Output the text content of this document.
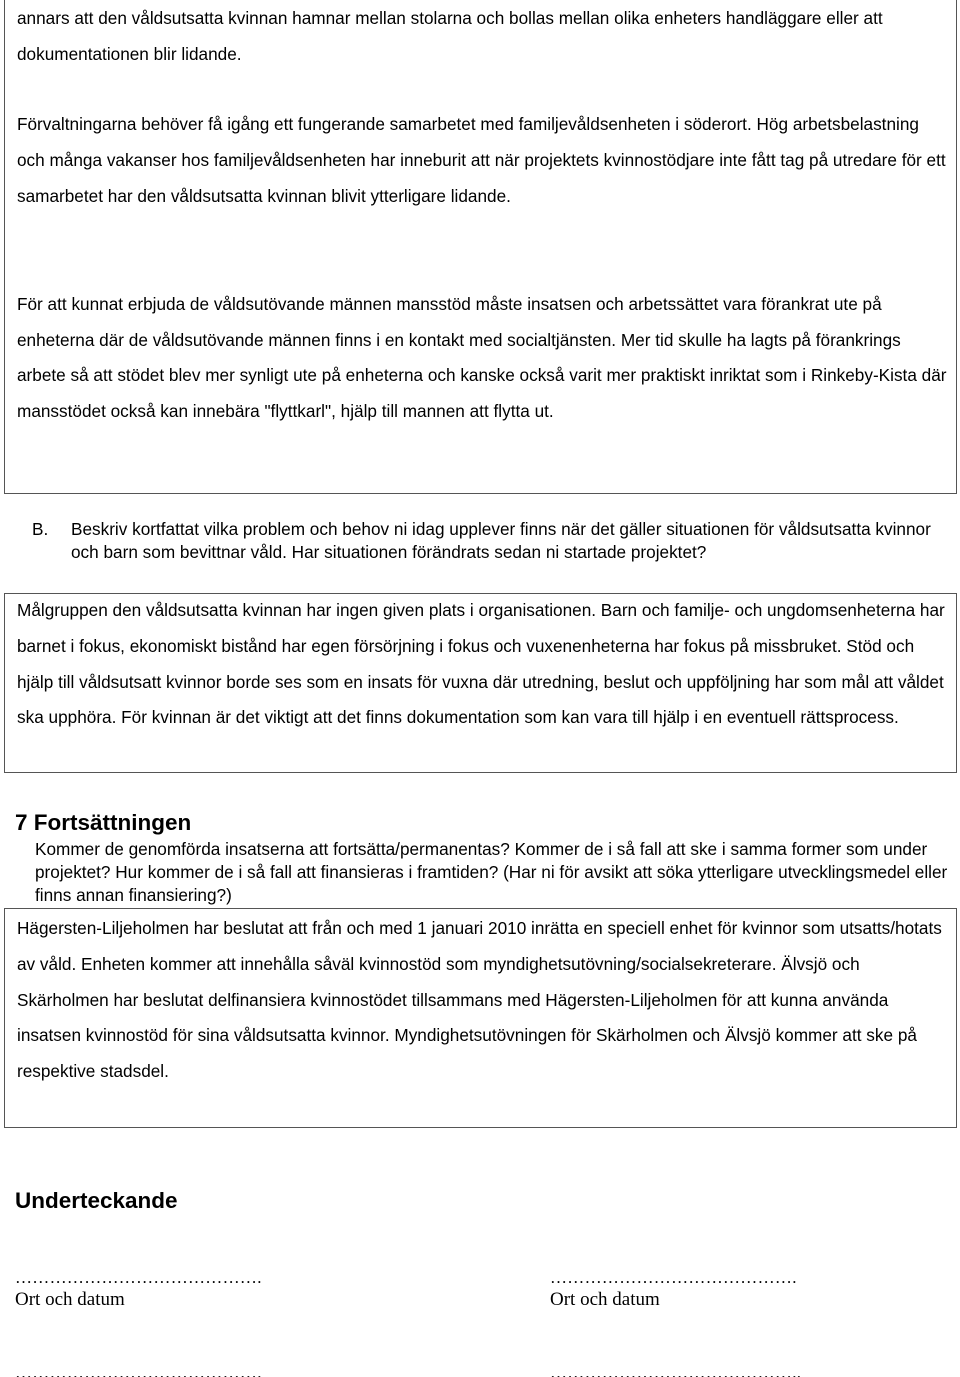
annars att den våldsutsatta kvinnan hamnar mellan stolarna och bollas mellan olika enheters handläggare eller att dokumentationen blir lidande.

Förvaltningarna behöver få igång ett fungerande samarbetet med familjevåldsenheten i söderort. Hög arbetsbelastning och många vakanser hos familjevåldsenheten har inneburit att när projektets kvinnostödjare inte fått tag på utredare för ett samarbetet har den våldsutsatta kvinnan blivit ytterligare lidande.

För att kunnat erbjuda de våldsutövande männen mansstöd måste insatsen och arbetssättet vara förankrat ute på enheterna där de våldsutövande männen finns i en kontakt med socialtjänsten. Mer tid skulle ha lagts på förankrings arbete så att stödet blev mer synligt ute på enheterna och kanske också varit mer praktiskt inriktat som i Rinkeby-Kista där mansstödet också kan innebära "flyttkarl", hjälp till mannen att flytta ut.

B. Beskriv kortfattat vilka problem och behov ni idag upplever finns när det gäller situationen för våldsutsatta kvinnor och barn som bevittnar våld. Har situationen förändrats sedan ni startade projektet?

Målgruppen den våldsutsatta kvinnan har ingen given plats i organisationen. Barn och familje- och ungdomsenheterna har barnet i fokus, ekonomiskt bistånd har egen försörjning i fokus och vuxenenheterna har fokus på missbruket. Stöd och hjälp till våldsutsatt kvinnor borde ses som en insats för vuxna där utredning, beslut och uppföljning har som mål att våldet ska upphöra. För kvinnan är det viktigt att det finns dokumentation som kan vara till hjälp i en eventuell rättsprocess.

7 Fortsättningen
Kommer de genomförda insatserna att fortsätta/permanentas? Kommer de i så fall att ske i samma former som under projektet? Hur kommer de i så fall att finansieras i framtiden? (Har ni för avsikt att söka ytterligare utvecklingsmedel eller finns annan finansiering?)

Hägersten-Liljeholmen har beslutat att från och med 1 januari 2010 inrätta en speciell enhet för kvinnor som utsatts/hotats av våld. Enheten kommer att innehålla såväl kvinnostöd som myndighetsutövning/socialsekreterare. Älvsjö och Skärholmen har beslutat delfinansiera kvinnostödet tillsammans med Hägersten-Liljeholmen för att kunna använda insatsen kvinnostöd för sina våldsutsatta kvinnor. Myndighetsutövningen för Skärholmen och Älvsjö kommer att ske på respektive stadsdel.

Underteckande
…………………………………….	…………………………………….
Ort och datum	Ort och datum
…………………………………….	……………………………………..
